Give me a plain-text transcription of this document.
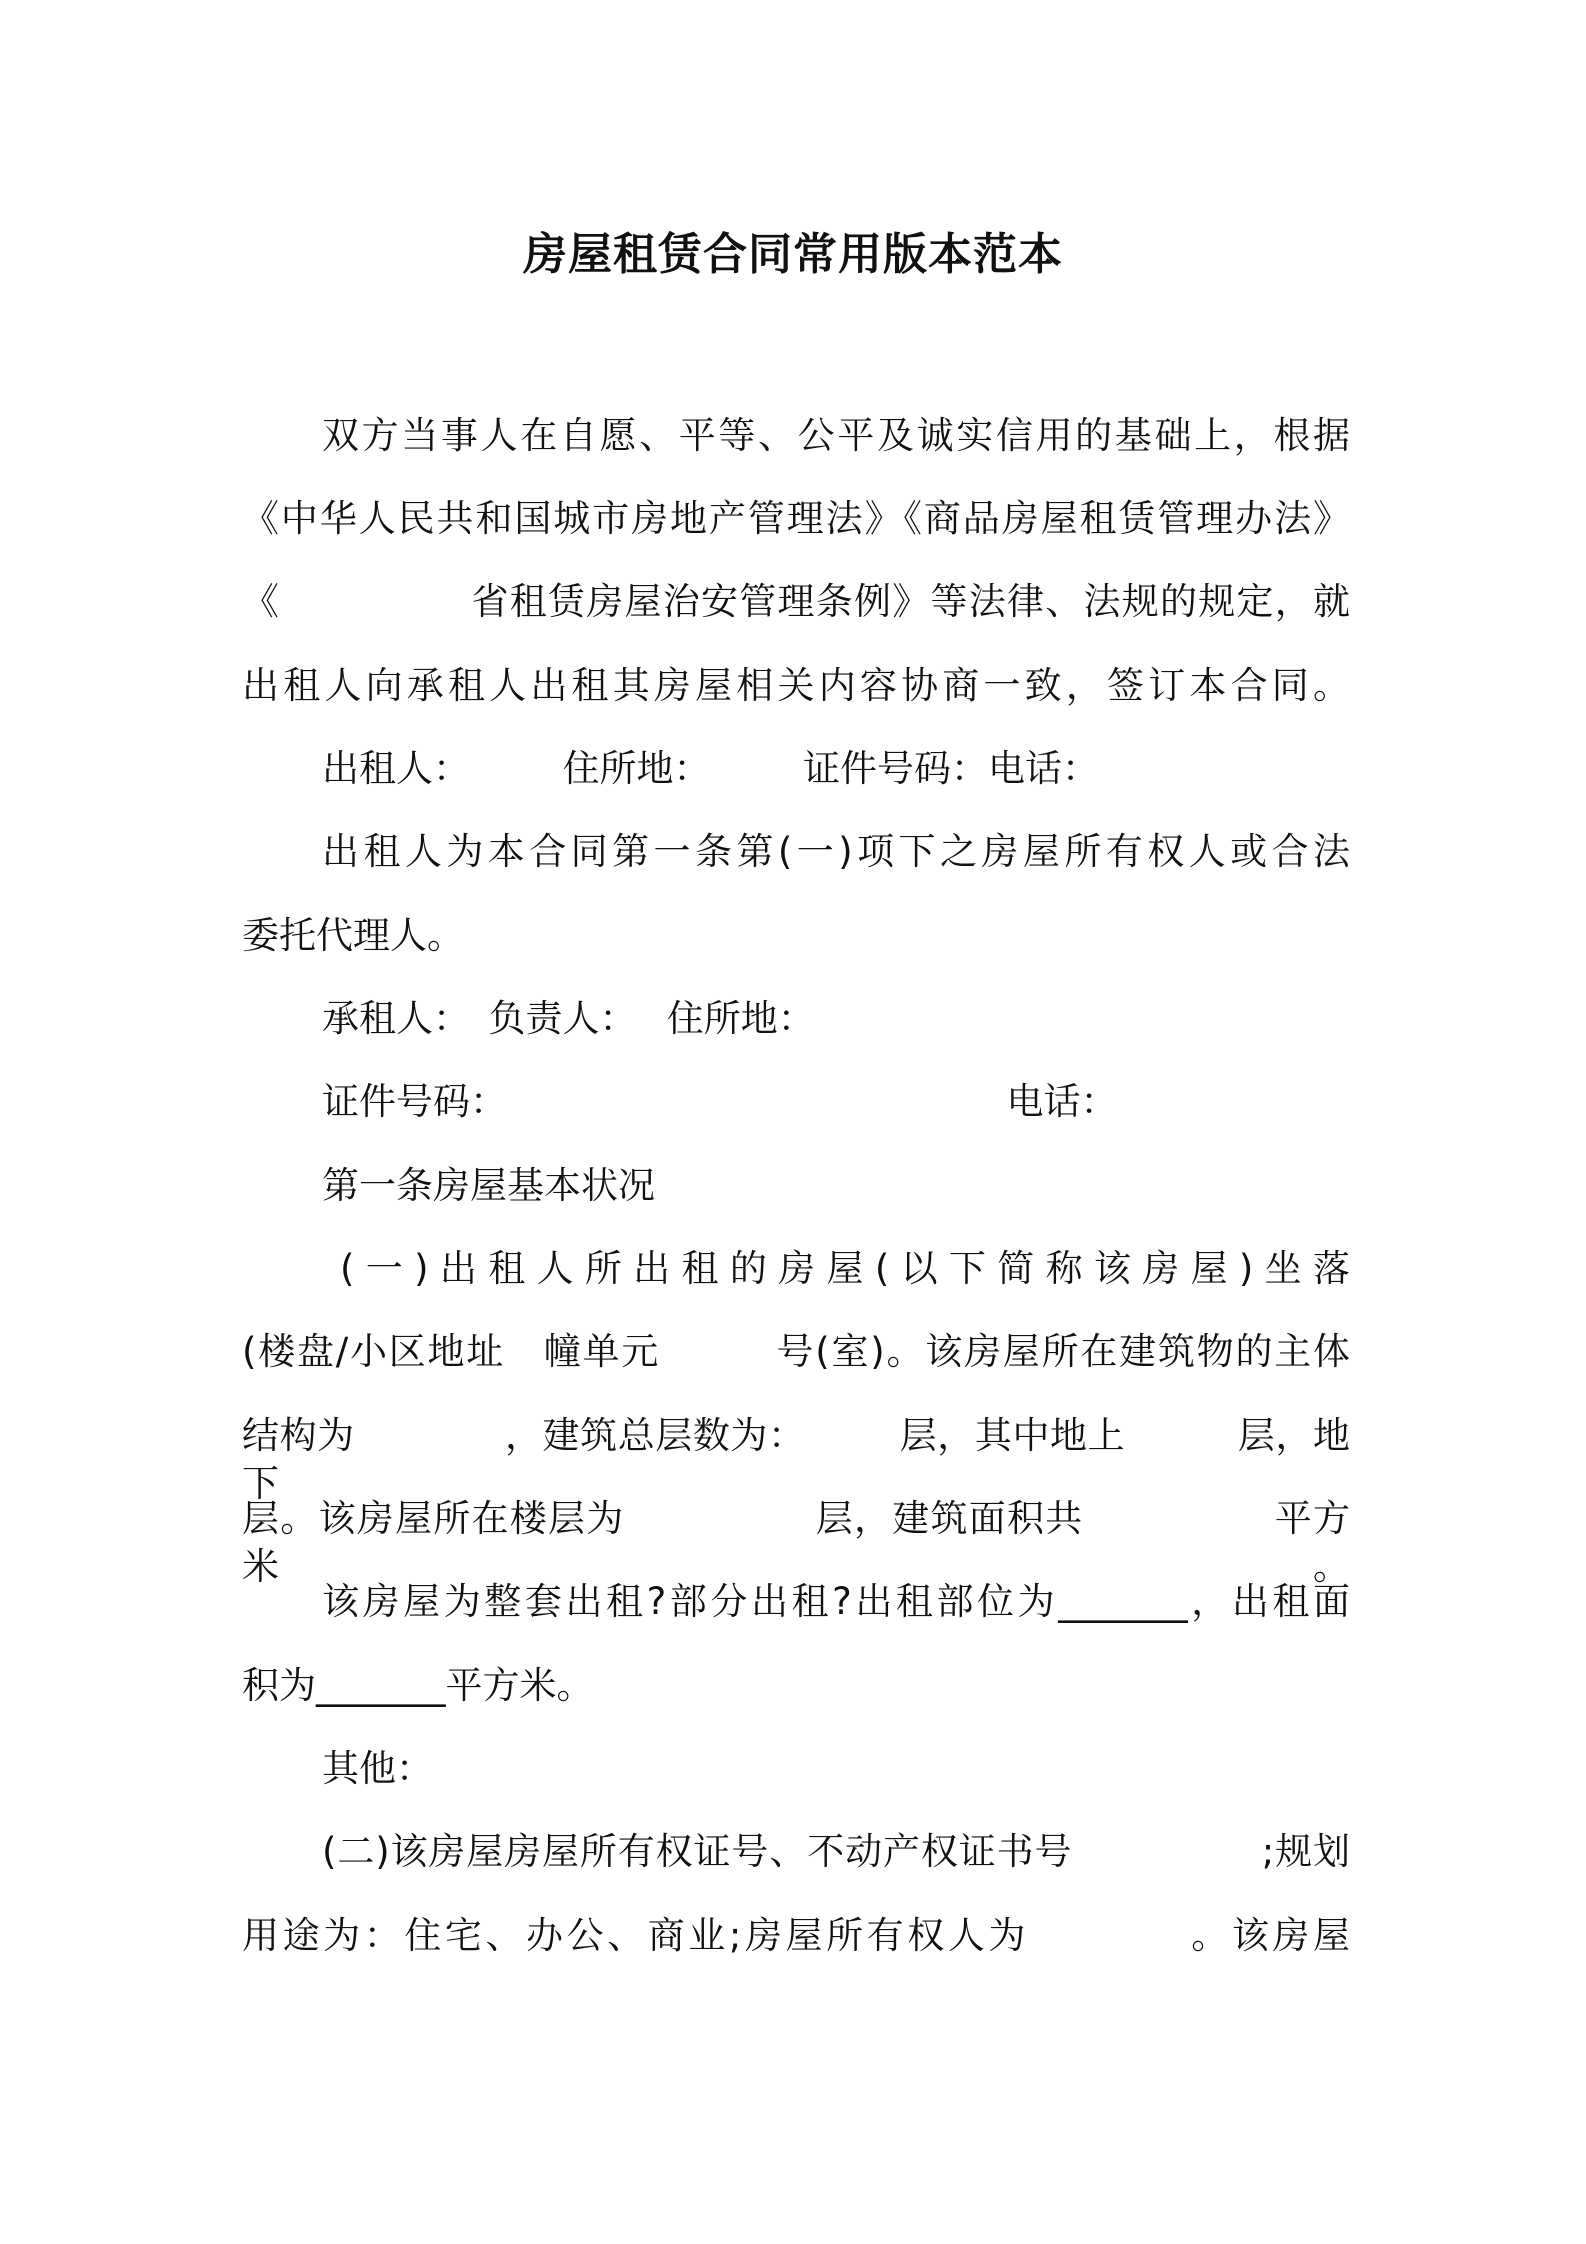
房屋租赁合同常用版本范本
双方当事人在自愿、平等、公平及诚实信用的基础上，根据
《中华人民共和国城市房地产管理法》《商品房屋租赁管理办法》
《　　　　　省租赁房屋治安管理条例》等法律、法规的规定，就
出租人向承租人出租其房屋相关内容协商一致，签订本合同。
出租人：　　　住所地：　　　证件号码：电话：
出租人为本合同第一条第(一)项下之房屋所有权人或合法
委托代理人。
承租人：　负责人：　 住所地：
证件号码：　　　　　　　　　　　　　　电话：
第一条房屋基本状况
(一)出租人所出租的房屋(以下简称该房屋)坐落
(楼盘/小区地址　幢单元　　　号(室)。该房屋所在建筑物的主体
结构为　　　　，建筑总层数为：　　　层，其中地上　　　层，地下
层。该房屋所在楼层为　　　　　层，建筑面积共　　　　　平方米。
该房屋为整套出租?部分出租?出租部位为_______，出租面
积为_______平方米。
其他：
(二)该房屋房屋所有权证号、不动产权证书号　　　　　;规划
用途为：住宅、办公、商业;房屋所有权人为　　　　。该房屋
